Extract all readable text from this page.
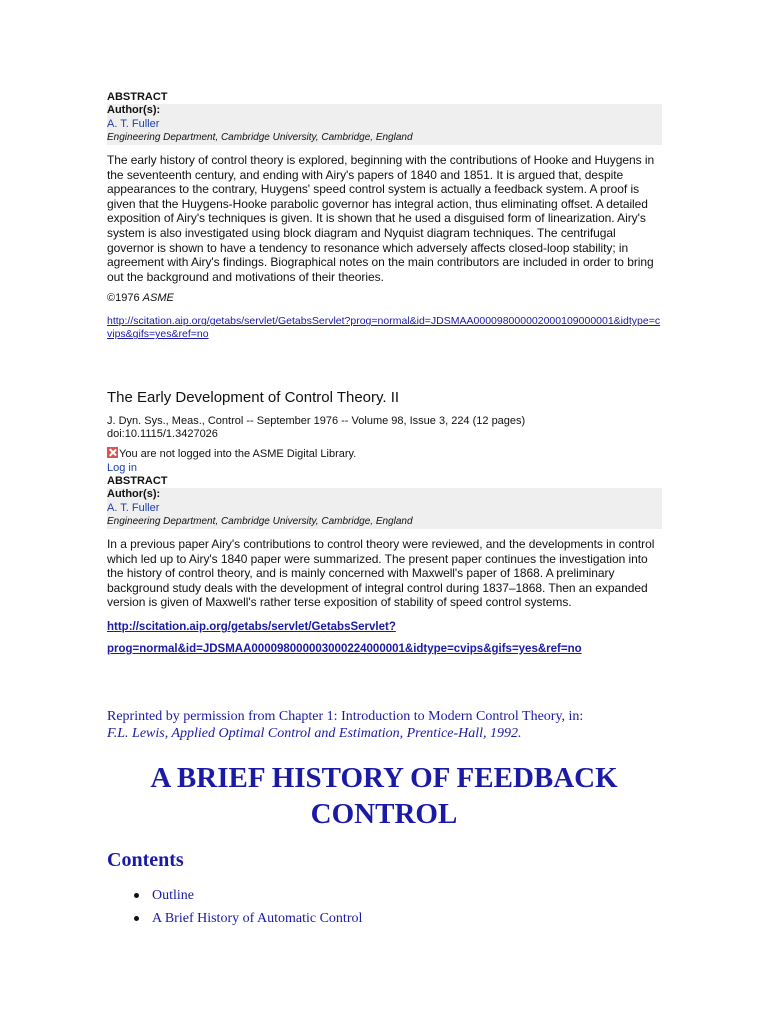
ABSTRACT
Author(s):
A. T. Fuller
Engineering Department, Cambridge University, Cambridge, England

The early history of control theory is explored, beginning with the contributions of Hooke and Huygens in the seventeenth century, and ending with Airy's papers of 1840 and 1851. It is argued that, despite appearances to the contrary, Huygens' speed control system is actually a feedback system. A proof is given that the Huygens-Hooke parabolic governor has integral action, thus eliminating offset. A detailed exposition of Airy's techniques is given. It is shown that he used a disguised form of linearization. Airy's system is also investigated using block diagram and Nyquist diagram techniques. The centrifugal governor is shown to have a tendency to resonance which adversely affects closed-loop stability; in agreement with Airy's findings. Biographical notes on the main contributors are included in order to bring out the background and motivations of their theories.

©1976 ASME
http://scitation.aip.org/getabs/servlet/GetabsServlet?prog=normal&id=JDSMAA000098000002000109000001&idtype=cvips&gifs=yes&ref=no
The Early Development of Control Theory. II
J. Dyn. Sys., Meas., Control -- September 1976 -- Volume 98, Issue 3, 224 (12 pages)
doi:10.1115/1.3427026
You are not logged into the ASME Digital Library.
Log in
ABSTRACT
Author(s):
A. T. Fuller
Engineering Department, Cambridge University, Cambridge, England

In a previous paper Airy's contributions to control theory were reviewed, and the developments in control which led up to Airy's 1840 paper were summarized. The present paper continues the investigation into the history of control theory, and is mainly concerned with Maxwell's paper of 1868. A preliminary background study deals with the development of integral control during 1837–1868. Then an expanded version is given of Maxwell's rather terse exposition of stability of speed control systems.

http://scitation.aip.org/getabs/servlet/GetabsServlet?
prog=normal&id=JDSMAA000098000003000224000001&idtype=cvips&gifs=yes&ref=no
Reprinted by permission from Chapter 1: Introduction to Modern Control Theory, in:
F.L. Lewis, Applied Optimal Control and Estimation, Prentice-Hall, 1992.
A BRIEF HISTORY OF FEEDBACK CONTROL
Contents
Outline
A Brief History of Automatic Control
